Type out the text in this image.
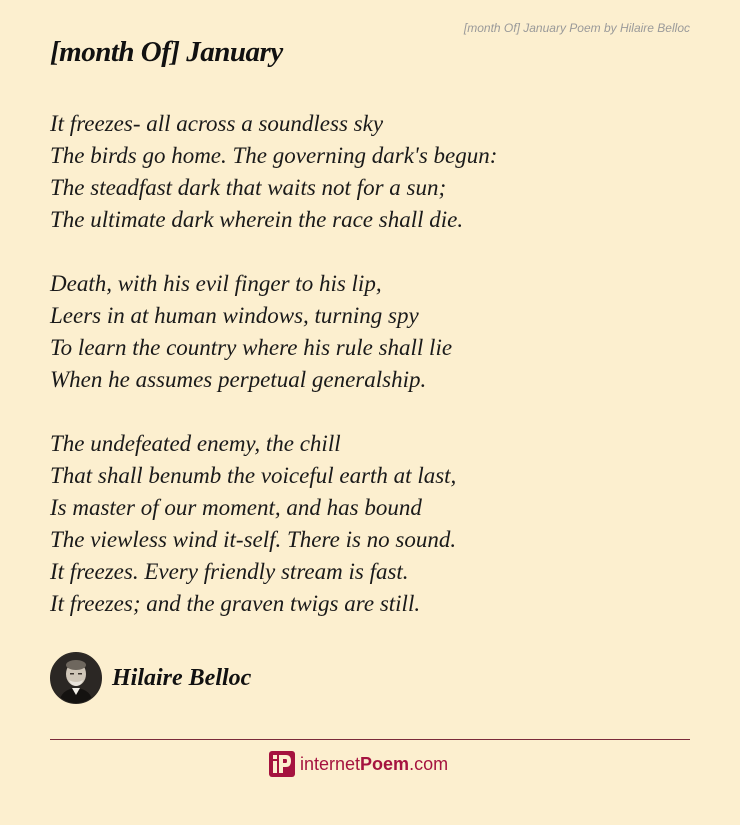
[month Of] January Poem by Hilaire Belloc
[month Of] January

It freezes- all across a soundless sky
The birds go home. The governing dark's begun:
The steadfast dark that waits not for a sun;
The ultimate dark wherein the race shall die.

Death, with his evil finger to his lip,
Leers in at human windows, turning spy
To learn the country where his rule shall lie
When he assumes perpetual generalship.

The undefeated enemy, the chill
That shall benumb the voiceful earth at last,
Is master of our moment, and has bound
The viewless wind it-self. There is no sound.
It freezes. Every friendly stream is fast.
It freezes; and the graven twigs are still.

Hilaire Belloc
internetPoem.com
